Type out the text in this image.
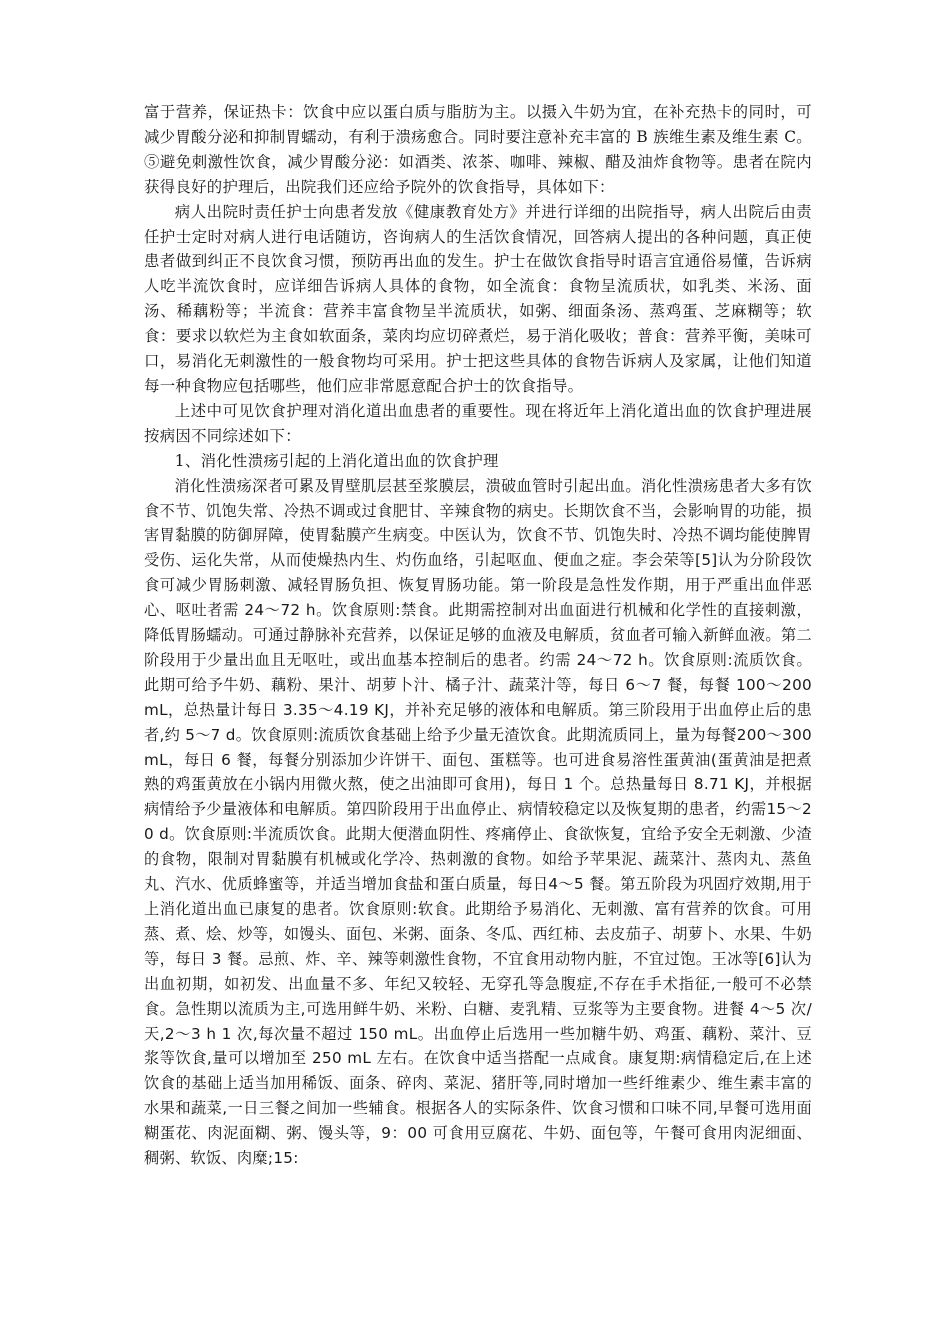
富于营养，保证热卡：饮食中应以蛋白质与脂肪为主。以摄入牛奶为宜，在补充热卡的同时，可减少胃酸分泌和抑制胃蠕动，有利于溃疡愈合。同时要注意补充丰富的 B 族维生素及维生素 C。⑤避免刺激性饮食，减少胃酸分泌：如酒类、浓茶、咖啡、辣椒、醋及油炸食物等。患者在院内获得良好的护理后，出院我们还应给予院外的饮食指导，具体如下：

病人出院时责任护士向患者发放《健康教育处方》并进行详细的出院指导，病人出院后由责任护士定时对病人进行电话随访，咨询病人的生活饮食情况，回答病人提出的各种问题，真正使患者做到纠正不良饮食习惯，预防再出血的发生。护士在做饮食指导时语言宜通俗易懂，告诉病人吃半流饮食时，应详细告诉病人具体的食物，如全流食：食物呈流质状，如乳类、米汤、面汤、稀藕粉等；半流食：营养丰富食物呈半流质状，如粥、细面条汤、蒸鸡蛋、芝麻糊等；软食：要求以软烂为主食如软面条，菜肉均应切碎煮烂，易于消化吸收；普食：营养平衡，美味可口，易消化无刺激性的一般食物均可采用。护士把这些具体的食物告诉病人及家属，让他们知道每一种食物应包括哪些，他们应非常愿意配合护士的饮食指导。

上述中可见饮食护理对消化道出血患者的重要性。现在将近年上消化道出血的饮食护理进展按病因不同综述如下：

1、消化性溃疡引起的上消化道出血的饮食护理

消化性溃疡深者可累及胃壁肌层甚至浆膜层，溃破血管时引起出血。消化性溃疡患者大多有饮食不节、饥饱失常、冷热不调或过食肥甘、辛辣食物的病史。长期饮食不当，会影响胃的功能，损害胃黏膜的防御屏障，使胃黏膜产生病变。中医认为，饮食不节、饥饱失时、冷热不调均能使脾胃受伤、运化失常，从而使燥热内生、灼伤血络，引起呕血、便血之症。李会荣等[5]认为分阶段饮食可减少胃肠刺激、减轻胃肠负担、恢复胃肠功能。第一阶段是急性发作期，用于严重出血伴恶心、呕吐者需 24～72 h。饮食原则:禁食。此期需控制对出血面进行机械和化学性的直接刺激，降低胃肠蠕动。可通过静脉补充营养，以保证足够的血液及电解质，贫血者可输入新鲜血液。第二阶段用于少量出血且无呕吐，或出血基本控制后的患者。约需 24～72 h。饮食原则:流质饮食。此期可给予牛奶、藕粉、果汁、胡萝卜汁、橘子汁、蔬菜汁等，每日 6～7 餐，每餐 100～200 mL，总热量计每日 3.35～4.19 KJ，并补充足够的液体和电解质。第三阶段用于出血停止后的患者,约 5～7 d。饮食原则:流质饮食基础上给予少量无渣饮食。此期流质同上，量为每餐200～300 mL，每日 6 餐，每餐分别添加少许饼干、面包、蛋糕等。也可进食易溶性蛋黄油(蛋黄油是把煮熟的鸡蛋黄放在小锅内用微火熬，使之出油即可食用)，每日 1 个。总热量每日 8.71 KJ，并根据病情给予少量液体和电解质。第四阶段用于出血停止、病情较稳定以及恢复期的患者，约需15～20 d。饮食原则:半流质饮食。此期大便潜血阴性、疼痛停止、食欲恢复，宜给予安全无刺激、少渣的食物，限制对胃黏膜有机械或化学冷、热刺激的食物。如给予苹果泥、蔬菜汁、蒸肉丸、蒸鱼丸、汽水、优质蜂蜜等，并适当增加食盐和蛋白质量，每日4～5 餐。第五阶段为巩固疗效期,用于上消化道出血已康复的患者。饮食原则:软食。此期给予易消化、无刺激、富有营养的饮食。可用蒸、煮、烩、炒等，如馒头、面包、米粥、面条、冬瓜、西红柿、去皮茄子、胡萝卜、水果、牛奶等，每日 3 餐。忌煎、炸、辛、辣等刺激性食物，不宜食用动物内脏，不宜过饱。王冰等[6]认为出血初期，如初发、出血量不多、年纪又较轻、无穿孔等急腹症,不存在手术指征,一般可不必禁食。急性期以流质为主,可选用鲜牛奶、米粉、白糖、麦乳精、豆浆等为主要食物。进餐 4～5 次/天,2～3 h 1 次,每次量不超过 150 mL。出血停止后选用一些加糖牛奶、鸡蛋、藕粉、菜汁、豆浆等饮食,量可以增加至 250 mL 左右。在饮食中适当搭配一点咸食。康复期:病情稳定后,在上述饮食的基础上适当加用稀饭、面条、碎肉、菜泥、猪肝等,同时增加一些纤维素少、维生素丰富的水果和蔬菜,一日三餐之间加一些辅食。根据各人的实际条件、饮食习惯和口味不同,早餐可选用面糊蛋花、肉泥面糊、粥、馒头等，9：00 可食用豆腐花、牛奶、面包等，午餐可食用肉泥细面、稠粥、软饭、肉糜;15:
